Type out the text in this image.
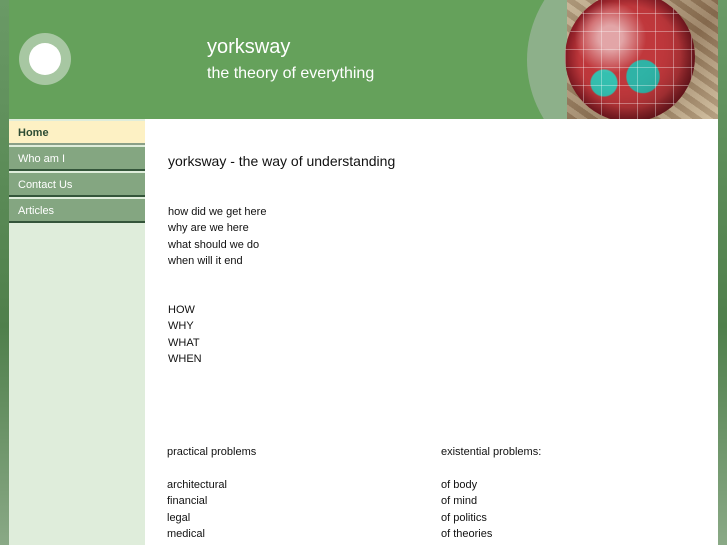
yorksway
the theory of everything
Home
Who am I
Contact Us
Articles
yorksway - the way of understanding
how did we get here
why are we here
what should we do
when will it end
HOW
WHY
WHAT
WHEN
practical problems
architectural
financial
legal
medical
existential problems:
of body
of mind
of politics
of theories
